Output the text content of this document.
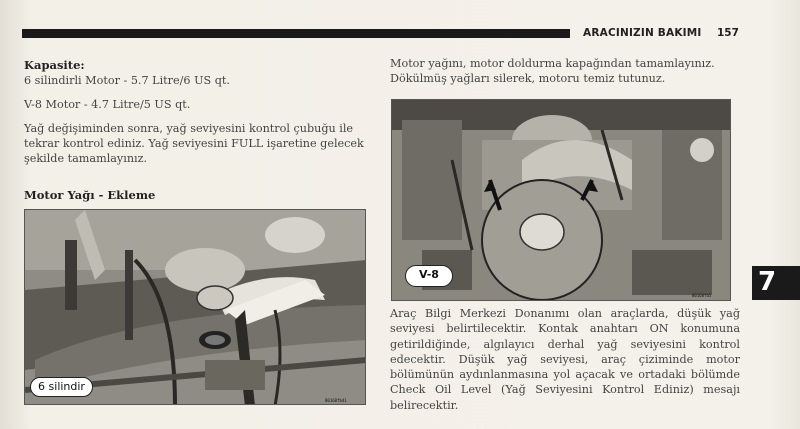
ARACINIZIN BAKIMI 157
Kapasite:

6 silindirli Motor - 5.7 Litre/6 US qt.

V-8 Motor - 4.7 Litre/5 US qt.

Yağ değişiminden sonra, yağ seviyesini kontrol çubuğu ile tekrar kontrol ediniz. Yağ seviyesini FULL işaretine gelecek şekilde tamamlayınız.

Motor Yağı - Ekleme
80168fb41
6 silindir
Motor yağını, motor doldurma kapağından tamamlayınız. Dökülmüş yağları silerek, motoru temiz tutunuz.
80168fb5
V-8
Araç Bilgi Merkezi Donanımı olan araçlarda, düşük yağ seviyesi belirtilecektir. Kontak anahtarı ON konumuna getirildiğinde, algılayıcı derhal yağ seviyesini kontrol edecektir. Düşük yağ seviyesi, araç çiziminde motor bölümünün aydınlanmasına yol açacak ve ortadaki bölümde Check Oil Level (Yağ Seviyesini Kontrol Ediniz) mesajı belirecektir.
7
